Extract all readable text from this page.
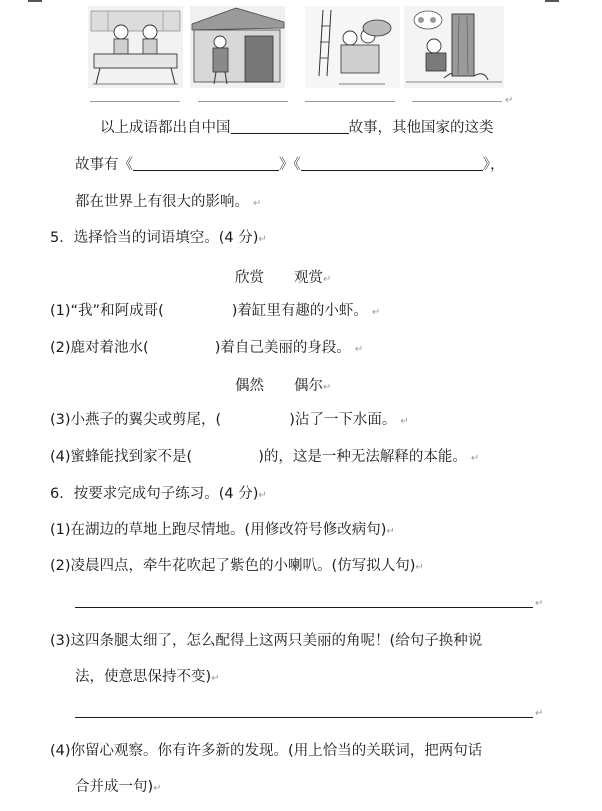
↵
以上成语都出自中国	故事，其他国家的这类
故事有《	》《	》，
都在世界上有很大的影响。 ↵
5．选择恰当的词语填空。(4 分)↵
欣赏 观赏↵
(1)“我”和阿成哥(	)着缸里有趣的小虾。 ↵
(2)鹿对着池水(	)着自己美丽的身段。 ↵
偶然 偶尔↵
(3)小燕子的翼尖或剪尾，(	)沾了一下水面。 ↵
(4)蜜蜂能找到家不是(	)的，这是一种无法解释的本能。 ↵
6．按要求完成句子练习。(4 分)↵
(1)在湖边的草地上跑尽情地。(用修改符号修改病句)↵
(2)凌晨四点，牵牛花吹起了紫色的小喇叭。(仿写拟人句)↵
↵
(3)这四条腿太细了，怎么配得上这两只美丽的角呢！(给句子换种说
法，使意思保持不变)↵
↵
(4)你留心观察。你有许多新的发现。(用上恰当的关联词，把两句话
合并成一句)↵
